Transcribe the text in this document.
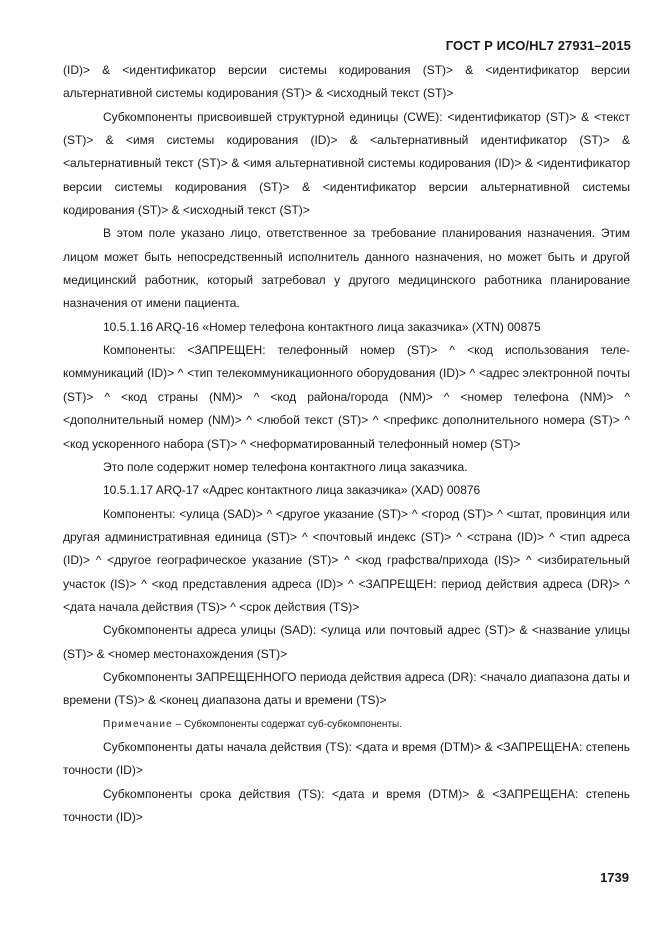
ГОСТ Р ИСО/HL7 27931–2015

(ID)> & <идентификатор версии системы кодирования (ST)> & <идентификатор версии альтернативной системы кодирования (ST)> & <исходный текст (ST)>

Субкомпоненты присвоившей структурной единицы (CWE): <идентификатор (ST)> & <текст (ST)> & <имя системы кодирования (ID)> & <альтернативный идентификатор (ST)> & <альтернативный текст (ST)> & <имя альтернативной системы кодирования (ID)> & <идентификатор версии системы кодирования (ST)> & <идентификатор версии альтернативной системы кодирования (ST)> & <исходный текст (ST)>

В этом поле указано лицо, ответственное за требование планирования назначения. Этим лицом может быть непосредственный исполнитель данного назначения, но может быть и другой медицинский работник, который затребовал у другого медицинского работника планирование назначения от имени пациента.

10.5.1.16 ARQ-16 «Номер телефона контактного лица заказчика» (XTN) 00875

Компоненты: <ЗАПРЕЩЕН: телефонный номер (ST)> ^ <код использования телекоммуникаций (ID)> ^ <тип телекоммуникационного оборудования (ID)> ^ <адрес электронной почты (ST)> ^ <код страны (NM)> ^ <код района/города (NM)> ^ <номер телефона (NM)> ^ <дополнительный номер (NM)> ^ <любой текст (ST)> ^ <префикс дополнительного номера (ST)> ^ <код ускоренного набора (ST)> ^ <неформатированный телефонный номер (ST)>

Это поле содержит номер телефона контактного лица заказчика.

10.5.1.17 ARQ-17 «Адрес контактного лица заказчика» (XAD) 00876

Компоненты: <улица (SAD)> ^ <другое указание (ST)> ^ <город (ST)> ^ <штат, провинция или другая административная единица (ST)> ^ <почтовый индекс (ST)> ^ <страна (ID)> ^ <тип адреса (ID)> ^ <другое географическое указание (ST)> ^ <код графства/прихода (IS)> ^ <избирательный участок (IS)> ^ <код представления адреса (ID)> ^ <ЗАПРЕЩЕН: период действия адреса (DR)> ^ <дата начала действия (TS)> ^ <срок действия (TS)>

Субкомпоненты адреса улицы (SAD): <улица или почтовый адрес (ST)> & <название улицы (ST)> & <номер местонахождения (ST)>

Субкомпоненты ЗАПРЕЩЕННОГО периода действия адреса (DR): <начало диапазона даты и времени (TS)> & <конец диапазона даты и времени (TS)>

Примечание – Субкомпоненты содержат суб-субкомпоненты.

Субкомпоненты даты начала действия (TS): <дата и время (DTM)> & <ЗАПРЕЩЕНА: степень точности (ID)>

Субкомпоненты срока действия (TS): <дата и время (DTM)> & <ЗАПРЕЩЕНА: степень точности (ID)>

1739
